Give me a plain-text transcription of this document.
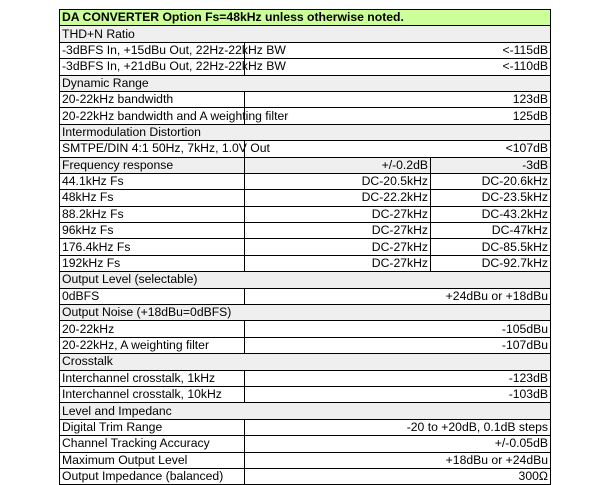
DA CONVERTER Option Fs=48kHz unless otherwise noted.		
THD+N Ratio		
-3dBFS In, +15dBu Out, 22Hz-22kHz BW	<-115dB	
-3dBFS In, +21dBu Out, 22Hz-22kHz BW	<-110dB	
Dynamic Range		
20-22kHz bandwidth	123dB	
20-22kHz bandwidth and A weighting filter	125dB	
Intermodulation Distortion		
SMTPE/DIN 4:1 50Hz, 7kHz, 1.0V Out	<107dB	
Frequency response	+/-0.2dB	-3dB
44.1kHz Fs	DC-20.5kHz	DC-20.6kHz
48kHz Fs	DC-22.2kHz	DC-23.5kHz
88.2kHz Fs	DC-27kHz	DC-43.2kHz
96kHz Fs	DC-27kHz	DC-47kHz
176.4kHz Fs	DC-27kHz	DC-85.5kHz
192kHz Fs	DC-27kHz	DC-92.7kHz
Output Level (selectable)		
0dBFS	+24dBu or +18dBu	
Output Noise (+18dBu=0dBFS)		
20-22kHz	-105dBu	
20-22kHz, A weighting filter	-107dBu	
Crosstalk		
Interchannel crosstalk, 1kHz	-123dB	
Interchannel crosstalk, 10kHz	-103dB	
Level and Impedanc		
Digital Trim Range	-20 to +20dB, 0.1dB steps	
Channel Tracking Accuracy	+/-0.05dB	
Maximum Output Level	+18dBu or +24dBu	
Output Impedance (balanced)	300Ω	
